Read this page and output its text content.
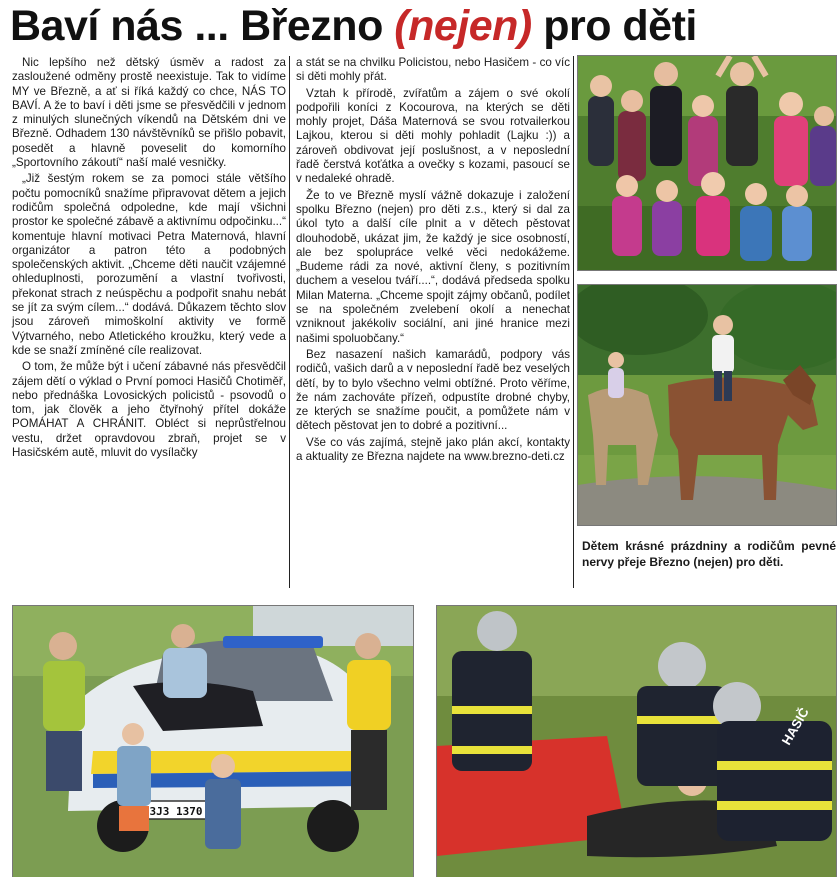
Baví nás ... Březno (nejen) pro děti

Nic lepšího než dětský úsměv a radost za zasloužené odměny prostě neexistuje. Tak to vidíme MY ve Březně, a ať si říká každý co chce, NÁS TO BAVÍ. A že to baví i děti jsme se přesvědčili v jednom z minulých slunečných víkendů na Dětském dni ve Březně. Odhadem 130 návštěvníků se přišlo pobavit, posedět a hlavně poveselit do komorního „Sportovního zákoutí“ naší malé vesničky.

„Již šestým rokem se za pomoci stále většího počtu pomocníků snažíme připravovat dětem a jejich rodičům společná odpoledne, kde mají všichni prostor ke společné zábavě a aktivnímu odpočinku...“ komentuje hlavní motivaci Petra Maternová, hlavní organizátor a patron této a podobných společenských aktivit. „Chceme děti naučit vzájemné ohleduplnosti, porozumění a vlastní tvořivosti, překonat strach z neúspěchu a podpořit snahu nebát se jít za svým cílem...“ dodává. Důkazem těchto slov jsou zároveň mimoškolní aktivity ve formě Výtvarného, nebo Atletického kroužku, který vede a kde se snaží zmíněné cíle realizovat.

O tom, že může být i učení zábavné nás přesvědčil zájem dětí o výklad o První pomoci Hasičů Chotiměř, nebo přednáška Lovosických policistů - psovodů o tom, jak člověk a jeho čtyřnohý přítel dokáže POMÁHAT A CHRÁNIT. Obléct si neprůstřelnou vestu, držet opravdovou zbraň, projet se v Hasičském autě, mluvit do vysílačky

a stát se na chvilku Policistou, nebo Hasičem - co víc si děti mohly přát.

Vztah k přírodě, zvířatům a zájem o své okolí podpořili koníci z Kocourova, na kterých se děti mohly projet, Dáša Maternová se svou rotvailerkou Lajkou, kterou si děti mohly pohladit (Lajku :)) a zároveň obdivovat její poslušnost, a v neposlední řadě čerstvá koťátka a ovečky s kozami, pasoucí se v nedaleké ohradě.

Že to ve Březně myslí vážně dokazuje i založení spolku Březno (nejen) pro děti z.s., který si dal za úkol tyto a další cíle plnit a v dětech pěstovat dlouhodobě, ukázat jim, že každý je sice osobností, ale bez spolupráce velké věci nedokážeme. „Budeme rádi za nové, aktivní členy, s pozitivním duchem a veselou tváří....“, dodává předseda spolku Milan Materna. „Chceme spojit zájmy občanů, podílet se na společném zvelebení okolí a nenechat vzniknout jakékoliv sociální, ani jiné hranice mezi našimi spoluobčany.“

Bez nasazení našich kamarádů, podpory vás rodičů, vašich darů a v neposlední řadě bez veselých dětí, by to bylo všechno velmi obtížné. Proto věříme, že nám zachováte přízeň, odpustíte drobné chyby, ze kterých se snažíme poučit, a pomůžete nám v dětech pěstovat jen to dobré a pozitivní...

Vše co vás zajímá, stejně jako plán akcí, kontakty a aktuality ze Března najdete na www.brezno-deti.cz

Dětem krásné prázdniny a rodičům pevné nervy přeje Březno (nejen) pro děti.
3J3 1370
HASIČ
